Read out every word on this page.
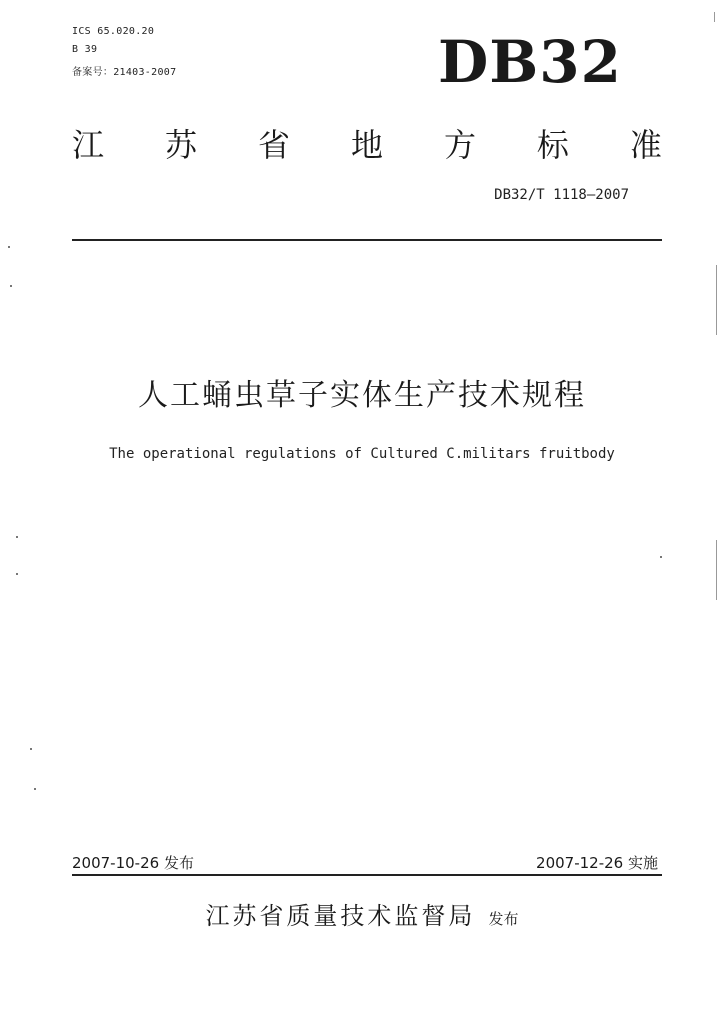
ICS 65.020.20
B 39
备案号：21403-2007	DB32
江 苏 省 地 方 标 准
DB32/T 1118—2007
人工蛹虫草子实体生产技术规程
The operational regulations of Cultured C.militars fruitbody
2007-10-26 发布	2007-12-26 实施
江苏省质量技术监督局 发布
